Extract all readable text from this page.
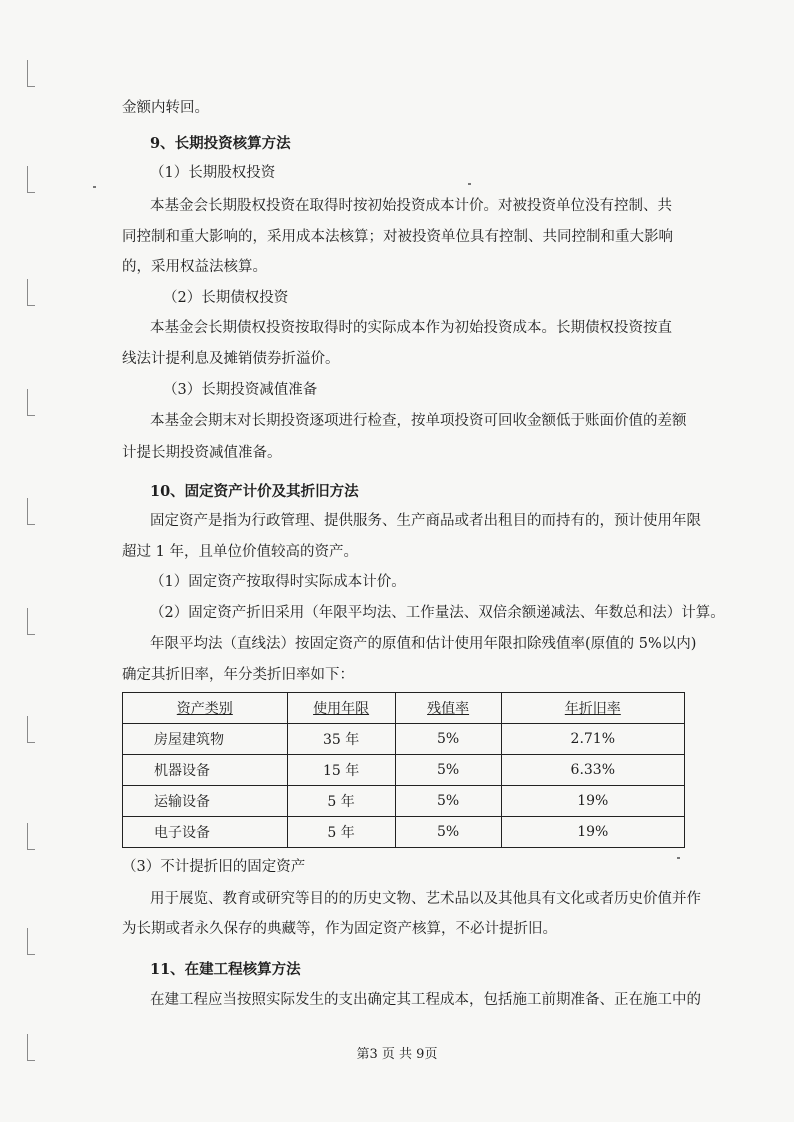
金额内转回。
9、长期投资核算方法
（1）长期股权投资
本基金会长期股权投资在取得时按初始投资成本计价。对被投资单位没有控制、共
同控制和重大影响的，采用成本法核算；对被投资单位具有控制、共同控制和重大影响
的，采用权益法核算。
（2）长期债权投资
本基金会长期债权投资按取得时的实际成本作为初始投资成本。长期债权投资按直
线法计提利息及摊销债券折溢价。
（3）长期投资减值准备
本基金会期末对长期投资逐项进行检查，按单项投资可回收金额低于账面价值的差额
计提长期投资减值准备。
10、固定资产计价及其折旧方法
固定资产是指为行政管理、提供服务、生产商品或者出租目的而持有的，预计使用年限
超过 1 年，且单位价值较高的资产。
（1）固定资产按取得时实际成本计价。
（2）固定资产折旧采用（年限平均法、工作量法、双倍余额递减法、年数总和法）计算。
年限平均法（直线法）按固定资产的原值和估计使用年限扣除残值率(原值的 5%以内)
确定其折旧率，年分类折旧率如下：
资产类别	使用年限	残值率	年折旧率
房屋建筑物	35 年	5%	2.71%
机器设备	15 年	5%	6.33%
运输设备	5 年	5%	19%
电子设备	5 年	5%	19%
（3）不计提折旧的固定资产
用于展览、教育或研究等目的的历史文物、艺术品以及其他具有文化或者历史价值并作
为长期或者永久保存的典藏等，作为固定资产核算，不必计提折旧。
11、在建工程核算方法
在建工程应当按照实际发生的支出确定其工程成本，包括施工前期准备、正在施工中的
第3 页 共 9页
